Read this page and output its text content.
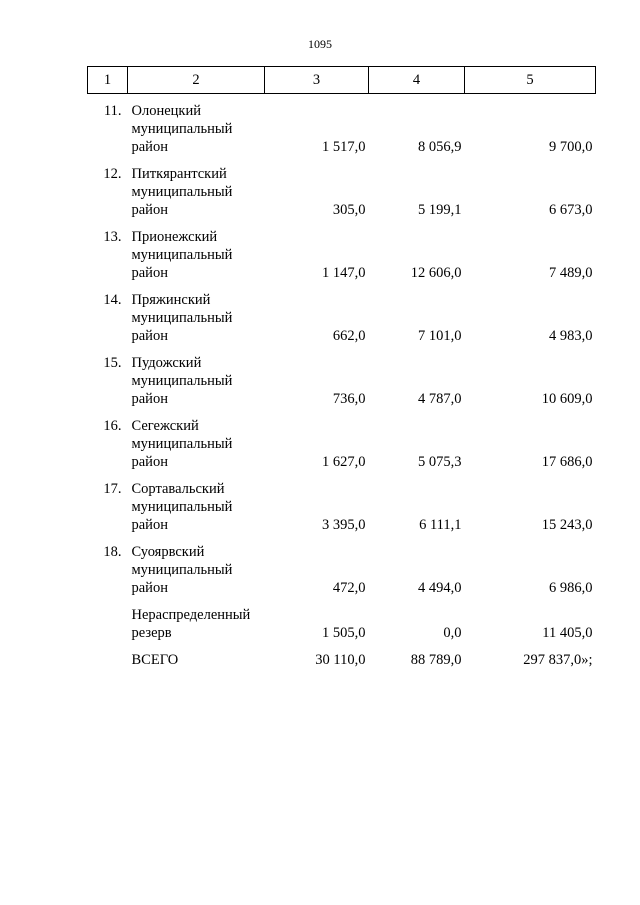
1095
1	2	3	4	5
11.	Олонецкий
муниципальный
район	1 517,0	8 056,9	9 700,0
12.	Питкярантский
муниципальный
район	305,0	5 199,1	6 673,0
13.	Прионежский
муниципальный
район	1 147,0	12 606,0	7 489,0
14.	Пряжинский
муниципальный
район	662,0	7 101,0	4 983,0
15.	Пудожский
муниципальный
район	736,0	4 787,0	10 609,0
16.	Сегежский
муниципальный
район	1 627,0	5 075,3	17 686,0
17.	Сортавальский
муниципальный
район	3 395,0	6 111,1	15 243,0
18.	Суоярвский
муниципальный
район	472,0	4 494,0	6 986,0
	Нераспределенный
резерв	1 505,0	0,0	11 405,0
	ВСЕГО	30 110,0	88 789,0	297 837,0»;
